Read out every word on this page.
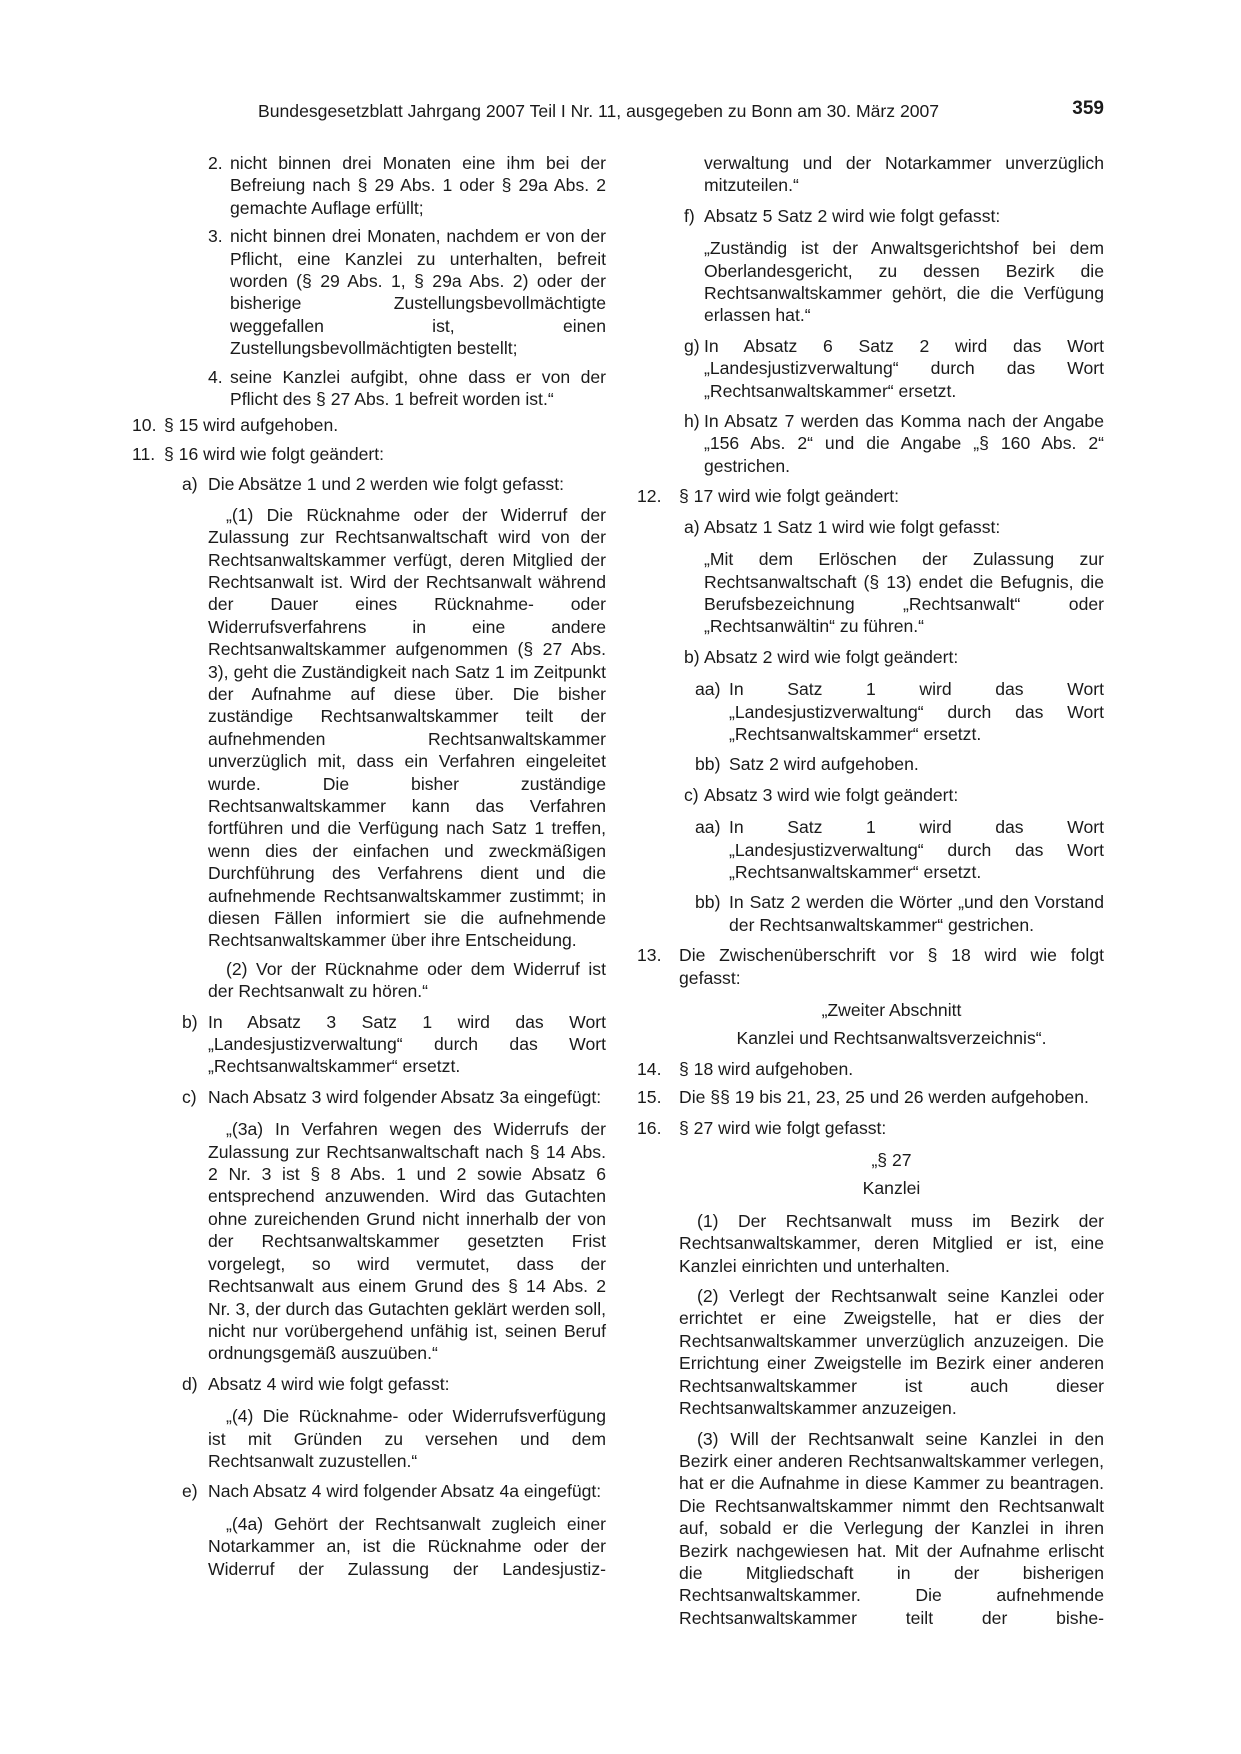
Bundesgesetzblatt Jahrgang 2007 Teil I Nr. 11, ausgegeben zu Bonn am 30. März 2007	359
2. nicht binnen drei Monaten eine ihm bei der Befreiung nach § 29 Abs. 1 oder § 29a Abs. 2 gemachte Auflage erfüllt;

3. nicht binnen drei Monaten, nachdem er von der Pflicht, eine Kanzlei zu unterhalten, befreit worden (§ 29 Abs. 1, § 29a Abs. 2) oder der bisherige Zustellungsbevollmächtigte weggefallen ist, einen Zustellungsbevollmächtigten bestellt;

4. seine Kanzlei aufgibt, ohne dass er von der Pflicht des § 27 Abs. 1 befreit worden ist.“

10. § 15 wird aufgehoben.

11. § 16 wird wie folgt geändert:

a) Die Absätze 1 und 2 werden wie folgt gefasst:

„(1) Die Rücknahme oder der Widerruf der Zulassung zur Rechtsanwaltschaft wird von der Rechtsanwaltskammer verfügt, deren Mitglied der Rechtsanwalt ist. Wird der Rechtsanwalt während der Dauer eines Rücknahme- oder Widerrufsverfahrens in eine andere Rechtsanwaltskammer aufgenommen (§ 27 Abs. 3), geht die Zuständigkeit nach Satz 1 im Zeitpunkt der Aufnahme auf diese über. Die bisher zuständige Rechtsanwaltskammer teilt der aufnehmenden Rechtsanwaltskammer unverzüglich mit, dass ein Verfahren eingeleitet wurde. Die bisher zuständige Rechtsanwaltskammer kann das Verfahren fortführen und die Verfügung nach Satz 1 treffen, wenn dies der einfachen und zweckmäßigen Durchführung des Verfahrens dient und die aufnehmende Rechtsanwaltskammer zustimmt; in diesen Fällen informiert sie die aufnehmende Rechtsanwaltskammer über ihre Entscheidung.

(2) Vor der Rücknahme oder dem Widerruf ist der Rechtsanwalt zu hören.“

b) In Absatz 3 Satz 1 wird das Wort „Landesjustizverwaltung“ durch das Wort „Rechtsanwaltskammer“ ersetzt.

c) Nach Absatz 3 wird folgender Absatz 3a eingefügt:

„(3a) In Verfahren wegen des Widerrufs der Zulassung zur Rechtsanwaltschaft nach § 14 Abs. 2 Nr. 3 ist § 8 Abs. 1 und 2 sowie Absatz 6 entsprechend anzuwenden. Wird das Gutachten ohne zureichenden Grund nicht innerhalb der von der Rechtsanwaltskammer gesetzten Frist vorgelegt, so wird vermutet, dass der Rechtsanwalt aus einem Grund des § 14 Abs. 2 Nr. 3, der durch das Gutachten geklärt werden soll, nicht nur vorübergehend unfähig ist, seinen Beruf ordnungsgemäß auszuüben.“

d) Absatz 4 wird wie folgt gefasst:

„(4) Die Rücknahme- oder Widerrufsverfügung ist mit Gründen zu versehen und dem Rechtsanwalt zuzustellen.“

e) Nach Absatz 4 wird folgender Absatz 4a eingefügt:

„(4a) Gehört der Rechtsanwalt zugleich einer Notarkammer an, ist die Rücknahme oder der Widerruf der Zulassung der Landesjustiz-

verwaltung und der Notarkammer unverzüglich mitzuteilen.“

f) Absatz 5 Satz 2 wird wie folgt gefasst:

„Zuständig ist der Anwaltsgerichtshof bei dem Oberlandesgericht, zu dessen Bezirk die Rechtsanwaltskammer gehört, die die Verfügung erlassen hat.“

g) In Absatz 6 Satz 2 wird das Wort „Landesjustizverwaltung“ durch das Wort „Rechtsanwaltskammer“ ersetzt.

h) In Absatz 7 werden das Komma nach der Angabe „156 Abs. 2“ und die Angabe „§ 160 Abs. 2“ gestrichen.

12. § 17 wird wie folgt geändert:

a) Absatz 1 Satz 1 wird wie folgt gefasst:

„Mit dem Erlöschen der Zulassung zur Rechtsanwaltschaft (§ 13) endet die Befugnis, die Berufsbezeichnung „Rechtsanwalt“ oder „Rechtsanwältin“ zu führen.“

b) Absatz 2 wird wie folgt geändert:

aa) In Satz 1 wird das Wort „Landesjustizverwaltung“ durch das Wort „Rechtsanwaltskammer“ ersetzt.

bb) Satz 2 wird aufgehoben.

c) Absatz 3 wird wie folgt geändert:

aa) In Satz 1 wird das Wort „Landesjustizverwaltung“ durch das Wort „Rechtsanwaltskammer“ ersetzt.

bb) In Satz 2 werden die Wörter „und den Vorstand der Rechtsanwaltskammer“ gestrichen.

13. Die Zwischenüberschrift vor § 18 wird wie folgt gefasst:

„Zweiter Abschnitt

Kanzlei und Rechtsanwaltsverzeichnis“.

14. § 18 wird aufgehoben.

15. Die §§ 19 bis 21, 23, 25 und 26 werden aufgehoben.

16. § 27 wird wie folgt gefasst:

„§ 27

Kanzlei

(1) Der Rechtsanwalt muss im Bezirk der Rechtsanwaltskammer, deren Mitglied er ist, eine Kanzlei einrichten und unterhalten.

(2) Verlegt der Rechtsanwalt seine Kanzlei oder errichtet er eine Zweigstelle, hat er dies der Rechtsanwaltskammer unverzüglich anzuzeigen. Die Errichtung einer Zweigstelle im Bezirk einer anderen Rechtsanwaltskammer ist auch dieser Rechtsanwaltskammer anzuzeigen.

(3) Will der Rechtsanwalt seine Kanzlei in den Bezirk einer anderen Rechtsanwaltskammer verlegen, hat er die Aufnahme in diese Kammer zu beantragen. Die Rechtsanwaltskammer nimmt den Rechtsanwalt auf, sobald er die Verlegung der Kanzlei in ihren Bezirk nachgewiesen hat. Mit der Aufnahme erlischt die Mitgliedschaft in der bisherigen Rechtsanwaltskammer. Die aufnehmende Rechtsanwaltskammer teilt der bishe-
